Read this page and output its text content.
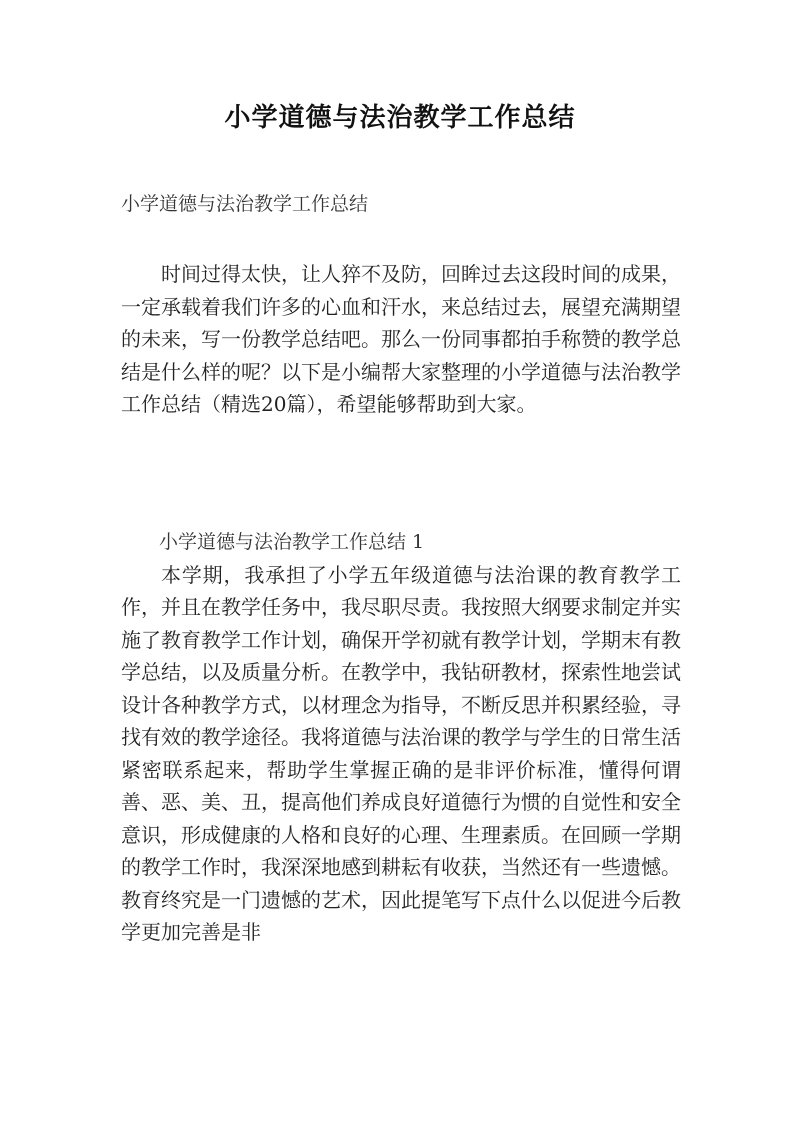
小学道德与法治教学工作总结
小学道德与法治教学工作总结

时间过得太快，让人猝不及防，回眸过去这段时间的成果，一定承载着我们许多的心血和汗水，来总结过去，展望充满期望的未来，写一份教学总结吧。那么一份同事都拍手称赞的教学总结是什么样的呢？以下是小编帮大家整理的小学道德与法治教学工作总结（精选20篇），希望能够帮助到大家。

小学道德与法治教学工作总结 1

本学期，我承担了小学五年级道德与法治课的教育教学工作，并且在教学任务中，我尽职尽责。我按照大纲要求制定并实施了教育教学工作计划，确保开学初就有教学计划，学期末有教学总结，以及质量分析。在教学中，我钻研教材，探索性地尝试设计各种教学方式，以材理念为指导，不断反思并积累经验，寻找有效的教学途径。我将道德与法治课的教学与学生的日常生活紧密联系起来，帮助学生掌握正确的是非评价标准，懂得何谓善、恶、美、丑，提高他们养成良好道德行为惯的自觉性和安全意识，形成健康的人格和良好的心理、生理素质。在回顾一学期的教学工作时，我深深地感到耕耘有收获，当然还有一些遗憾。教育终究是一门遗憾的艺术，因此提笔写下点什么以促进今后教学更加完善是非
